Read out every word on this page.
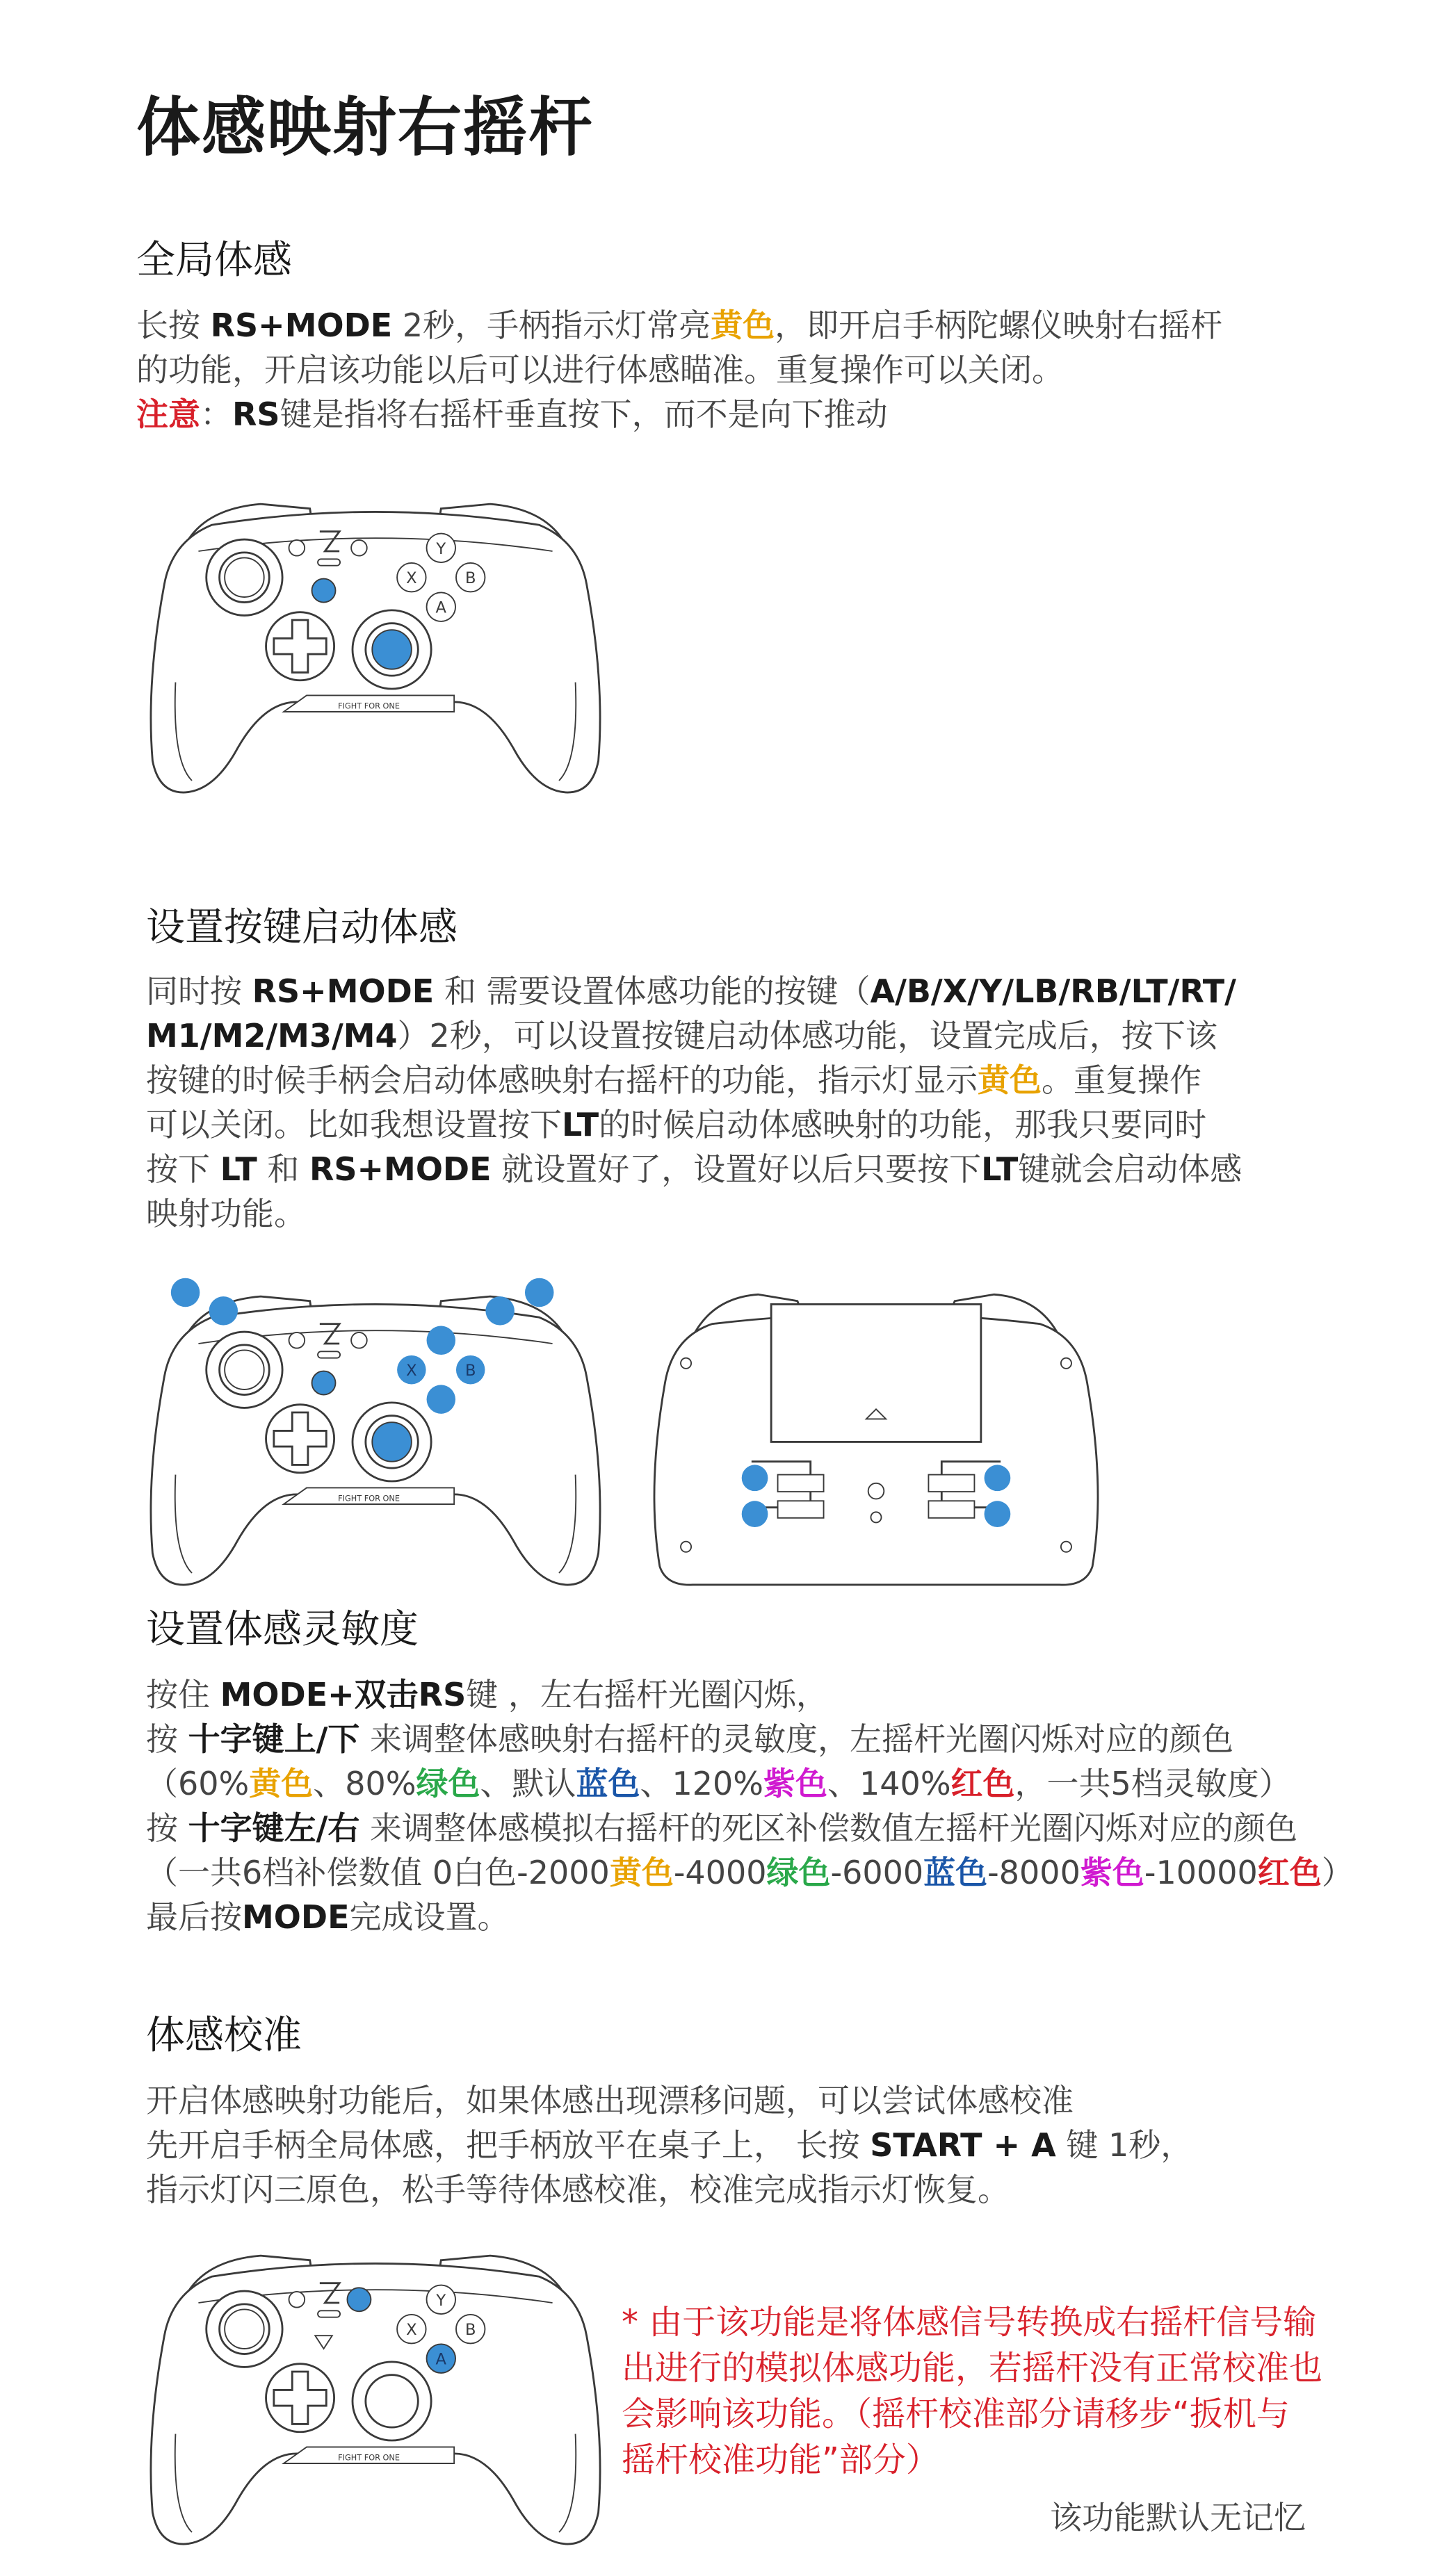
体感映射右摇杆
全局体感
长按 RS+MODE 2秒，手柄指示灯常亮黄色，即开启手柄陀螺仪映射右摇杆
的功能，开启该功能以后可以进行体感瞄准。重复操作可以关闭。
注意：RS键是指将右摇杆垂直按下，而不是向下推动
Y
X	B
A
FIGHT FOR ONE
设置按键启动体感
同时按 RS+MODE 和 需要设置体感功能的按键（A/B/X/Y/LB/RB/LT/RT/
M1/M2/M3/M4）2秒，可以设置按键启动体感功能，设置完成后，按下该
按键的时候手柄会启动体感映射右摇杆的功能，指示灯显示黄色。重复操作
可以关闭。比如我想设置按下LT的时候启动体感映射的功能，那我只要同时
按下 LT 和 RS+MODE 就设置好了，设置好以后只要按下LT键就会启动体感
映射功能。
X	B
FIGHT FOR ONE
设置体感灵敏度
按住 MODE+双击RS键 ，左右摇杆光圈闪烁，
按 十字键上/下 来调整体感映射右摇杆的灵敏度，左摇杆光圈闪烁对应的颜色
（60%黄色、80%绿色、默认蓝色、120%紫色、140%红色，一共5档灵敏度）
按 十字键左/右 来调整体感模拟右摇杆的死区补偿数值左摇杆光圈闪烁对应的颜色
（一共6档补偿数值 0白色-2000黄色-4000绿色-6000蓝色-8000紫色-10000红色）
最后按MODE完成设置。
体感校准
开启体感映射功能后，如果体感出现漂移问题，可以尝试体感校准
先开启手柄全局体感，把手柄放平在桌子上， 长按 START + A 键 1秒，
指示灯闪三原色，松手等待体感校准，校准完成指示灯恢复。
Y
X	B
A
FIGHT FOR ONE
* 由于该功能是将体感信号转换成右摇杆信号输
出进行的模拟体感功能，若摇杆没有正常校准也
会影响该功能。（摇杆校准部分请移步“扳机与
摇杆校准功能”部分）
该功能默认无记忆
